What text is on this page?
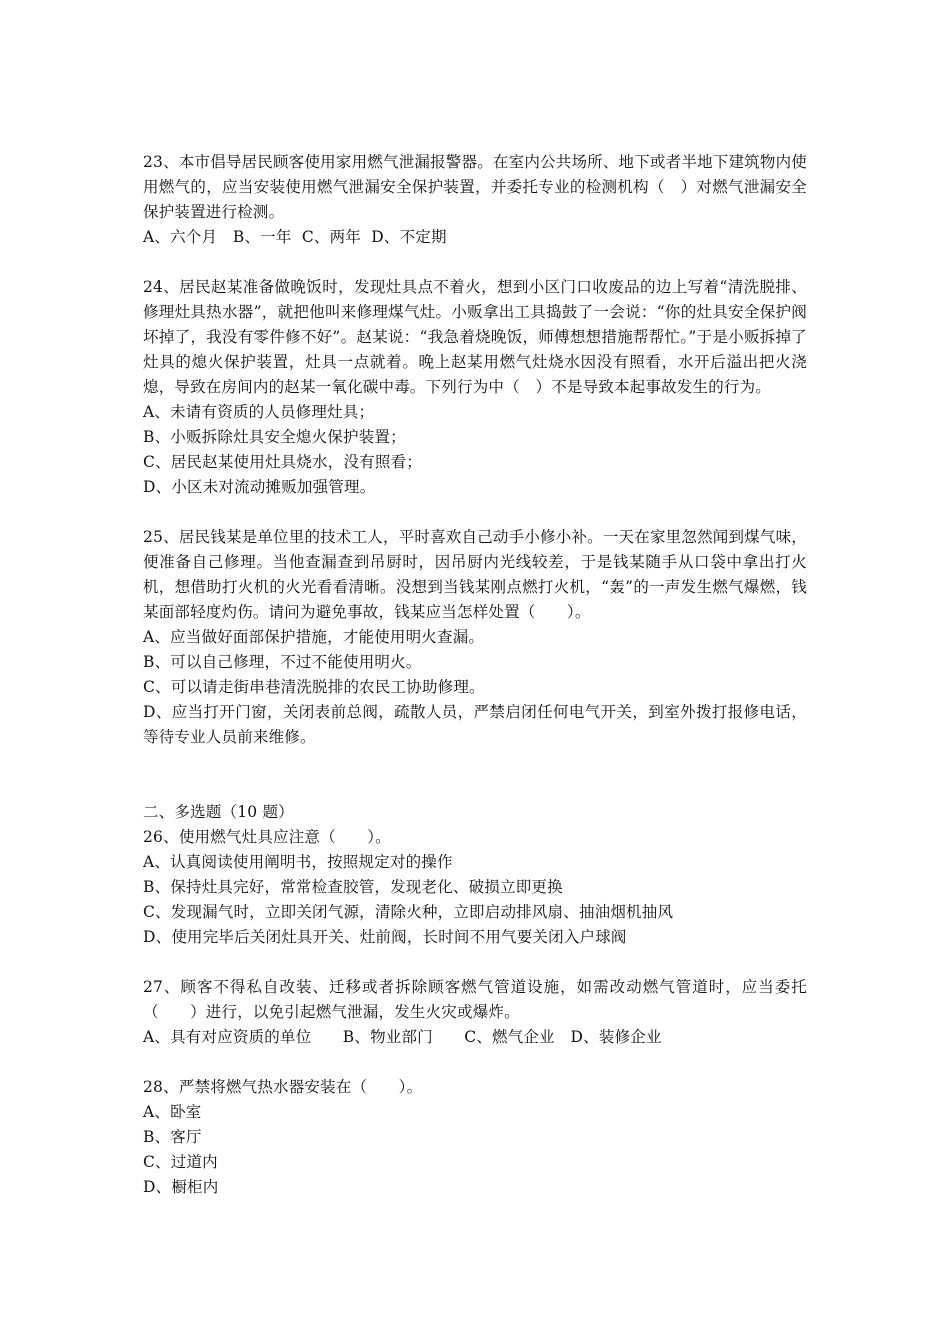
23、本市倡导居民顾客使用家用燃气泄漏报警器。在室内公共场所、地下或者半地下建筑物内使用燃气的，应当安装使用燃气泄漏安全保护装置，并委托专业的检测机构（　）对燃气泄漏安全保护装置进行检测。
A、六个月　B、一年  C、两年  D、不定期
24、居民赵某准备做晚饭时，发现灶具点不着火，想到小区门口收废品的边上写着“清洗脱排、修理灶具热水器”，就把他叫来修理煤气灶。小贩拿出工具捣鼓了一会说：“你的灶具安全保护阀坏掉了，我没有零件修不好”。赵某说：“我急着烧晚饭，师傅想想措施帮帮忙。”于是小贩拆掉了灶具的熄火保护装置，灶具一点就着。晚上赵某用燃气灶烧水因没有照看，水开后溢出把火浇熄，导致在房间内的赵某一氧化碳中毒。下列行为中（　）不是导致本起事故发生的行为。
A、未请有资质的人员修理灶具；
B、小贩拆除灶具安全熄火保护装置；
C、居民赵某使用灶具烧水，没有照看；
D、小区未对流动摊贩加强管理。
25、居民钱某是单位里的技术工人，平时喜欢自己动手小修小补。一天在家里忽然闻到煤气味，便准备自己修理。当他查漏查到吊厨时，因吊厨内光线较差，于是钱某随手从口袋中拿出打火机，想借助打火机的火光看看清晰。没想到当钱某刚点燃打火机，“轰”的一声发生燃气爆燃，钱某面部轻度灼伤。请问为避免事故，钱某应当怎样处置（　　）。
A、应当做好面部保护措施，才能使用明火查漏。
B、可以自己修理，不过不能使用明火。
C、可以请走街串巷清洗脱排的农民工协助修理。
D、应当打开门窗，关闭表前总阀，疏散人员，严禁启闭任何电气开关，到室外拨打报修电话，等待专业人员前来维修。
二、多选题（10 题）
26、使用燃气灶具应注意（　　）。
A、认真阅读使用阐明书，按照规定对的操作
B、保持灶具完好，常常检查胶管，发现老化、破损立即更换
C、发现漏气时，立即关闭气源，清除火种，立即启动排风扇、抽油烟机抽风
D、使用完毕后关闭灶具开关、灶前阀，长时间不用气要关闭入户球阀
27、顾客不得私自改装、迁移或者拆除顾客燃气管道设施，如需改动燃气管道时，应当委托（　　）进行，以免引起燃气泄漏，发生火灾或爆炸。
A、具有对应资质的单位　　B、物业部门　　C、燃气企业　D、装修企业
28、严禁将燃气热水器安装在（　　）。
A、卧室
B、客厅
C、过道内
D、橱柜内
